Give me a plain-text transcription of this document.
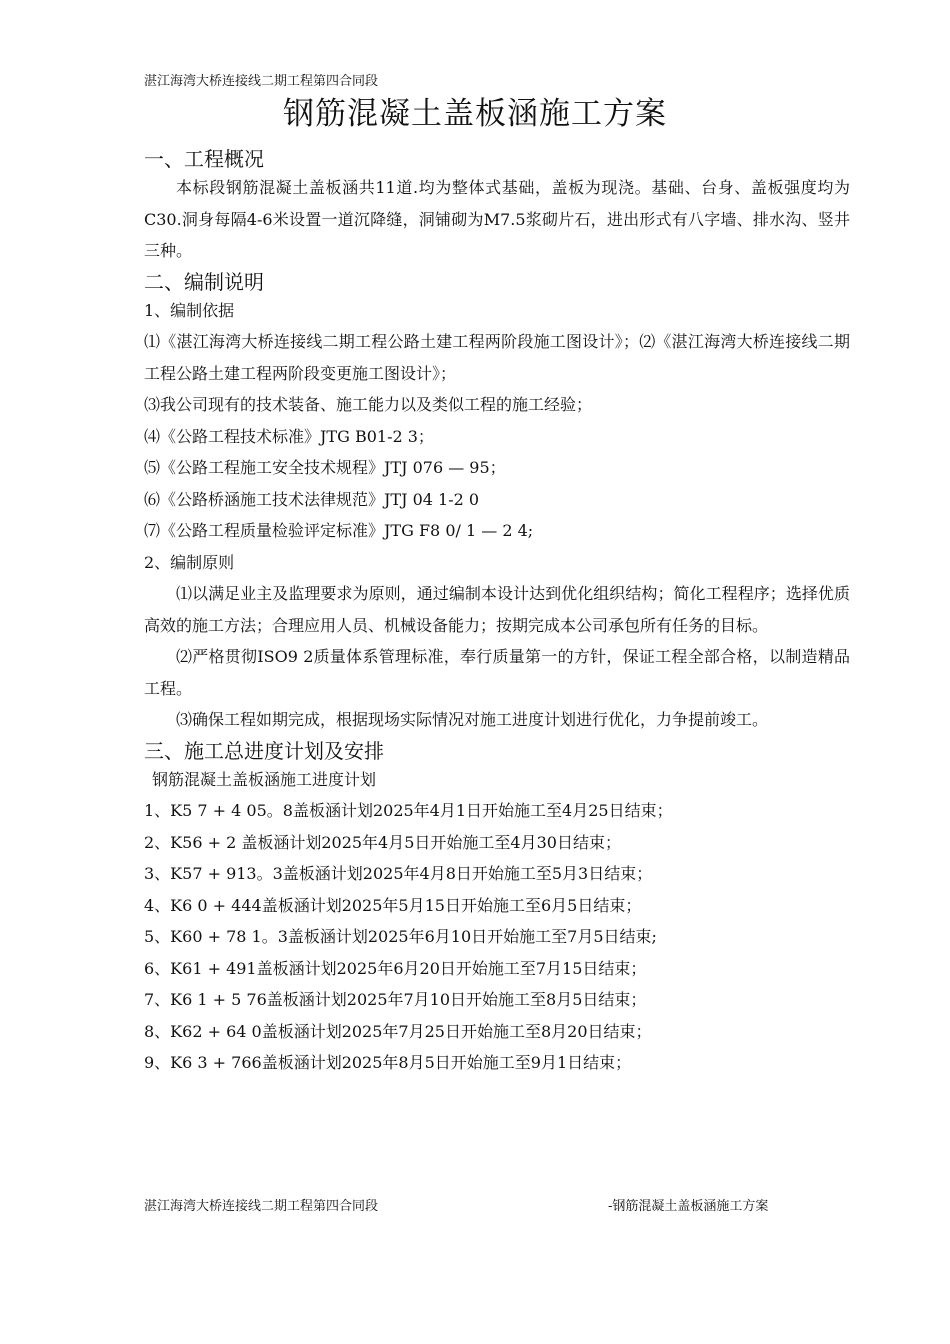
湛江海湾大桥连接线二期工程第四合同段
钢筋混凝土盖板涵施工方案
一、工程概况

本标段钢筋混凝土盖板涵共11道.均为整体式基础，盖板为现浇。基础、台身、盖板强度均为C30.洞身每隔4-6米设置一道沉降缝，洞铺砌为M7.5浆砌片石，进出形式有八字墙、排水沟、竖井三种。

二、编制说明

1、编制依据

⑴《湛江海湾大桥连接线二期工程公路土建工程两阶段施工图设计》；⑵《湛江海湾大桥连接线二期工程公路土建工程两阶段变更施工图设计》；

⑶我公司现有的技术装备、施工能力以及类似工程的施工经验；

⑷《公路工程技术标准》JTG B01-2 3；

⑸《公路工程施工安全技术规程》JTJ 076 — 95；

⑹《公路桥涵施工技术法律规范》JTJ 04 1-2 0

⑺《公路工程质量检验评定标准》JTG F8 0/ 1 — 2 4;

2、编制原则

⑴以满足业主及监理要求为原则，通过编制本设计达到优化组织结构；简化工程程序；选择优质高效的施工方法；合理应用人员、机械设备能力；按期完成本公司承包所有任务的目标。

⑵严格贯彻ISO9 2质量体系管理标准，奉行质量第一的方针，保证工程全部合格，以制造精品工程。

⑶确保工程如期完成，根据现场实际情况对施工进度计划进行优化，力争提前竣工。

三、施工总进度计划及安排

钢筋混凝土盖板涵施工进度计划

1、K5 7 + 4 05。8盖板涵计划2025年4月1日开始施工至4月25日结束；

2、K56 + 2 盖板涵计划2025年4月5日开始施工至4月30日结束；

3、K57 + 913。3盖板涵计划2025年4月8日开始施工至5月3日结束；

4、K6 0 + 444盖板涵计划2025年5月15日开始施工至6月5日结束；

5、K60 + 78 1。3盖板涵计划2025年6月10日开始施工至7月5日结束;

6、K61 + 491盖板涵计划2025年6月20日开始施工至7月15日结束；

7、K6 1 + 5 76盖板涵计划2025年7月10日开始施工至8月5日结束；

8、K62 + 64 0盖板涵计划2025年7月25日开始施工至8月20日结束；

9、K6 3 + 766盖板涵计划2025年8月5日开始施工至9月1日结束；

湛江海湾大桥连接线二期工程第四合同段	-钢筋混凝土盖板涵施工方案
